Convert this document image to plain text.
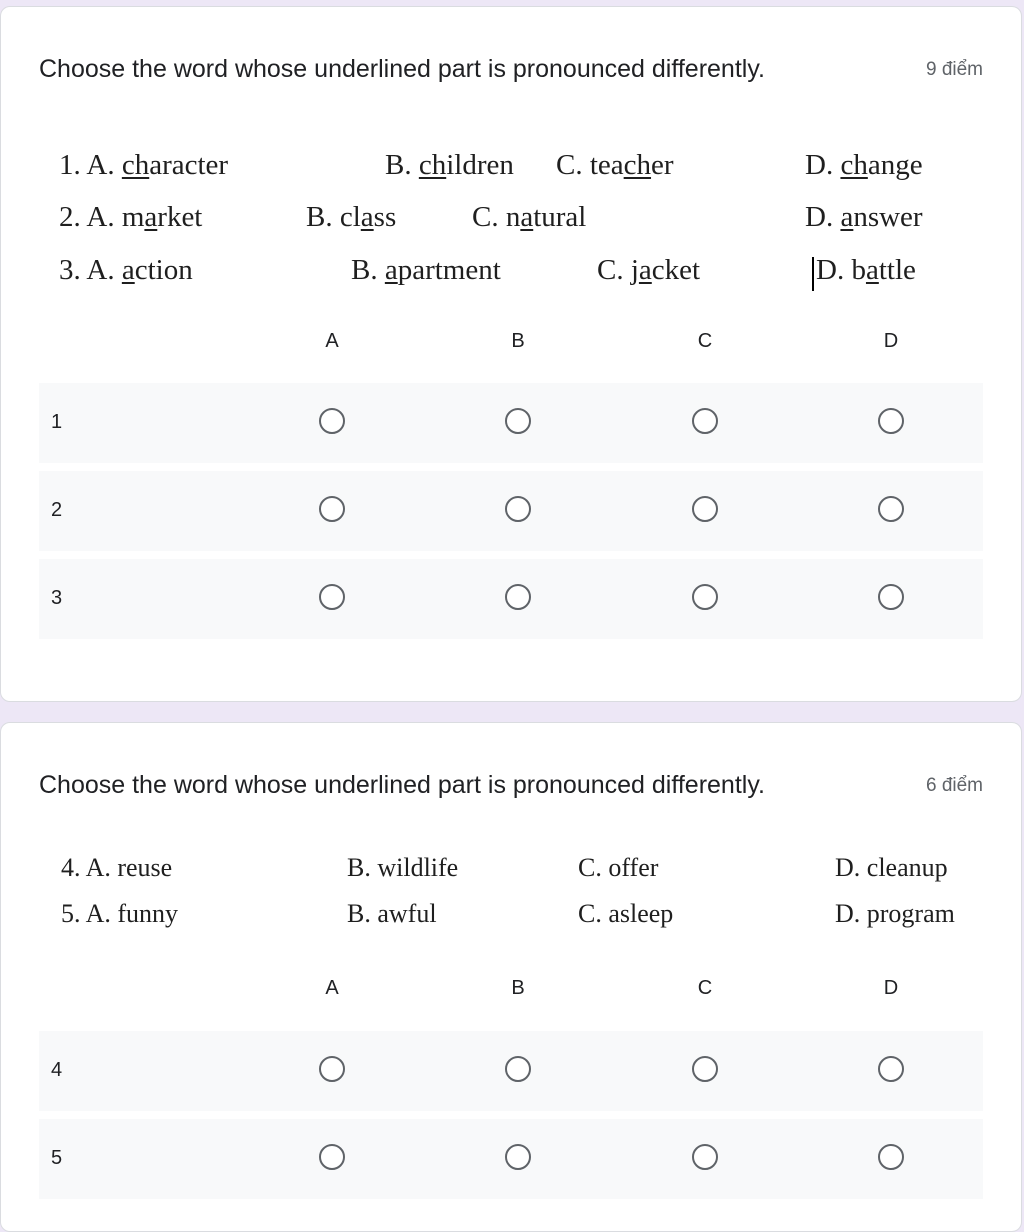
Choose the word whose underlined part is pronounced differently.	9 điểm
1. A. character	B. children C. teacher	D. change
2. A. market	B. class	C. natural	D. answer
3. A. action	B. apartment	C. jacket	D. battle
A	B	C	D
1
2
3
Choose the word whose underlined part is pronounced differently.	6 điểm
4. A. reuse	B. wildlife	C. offer	D. cleanup
5. A. funny	B. awful	C. asleep	D. program
A	B	C	D
4
5
